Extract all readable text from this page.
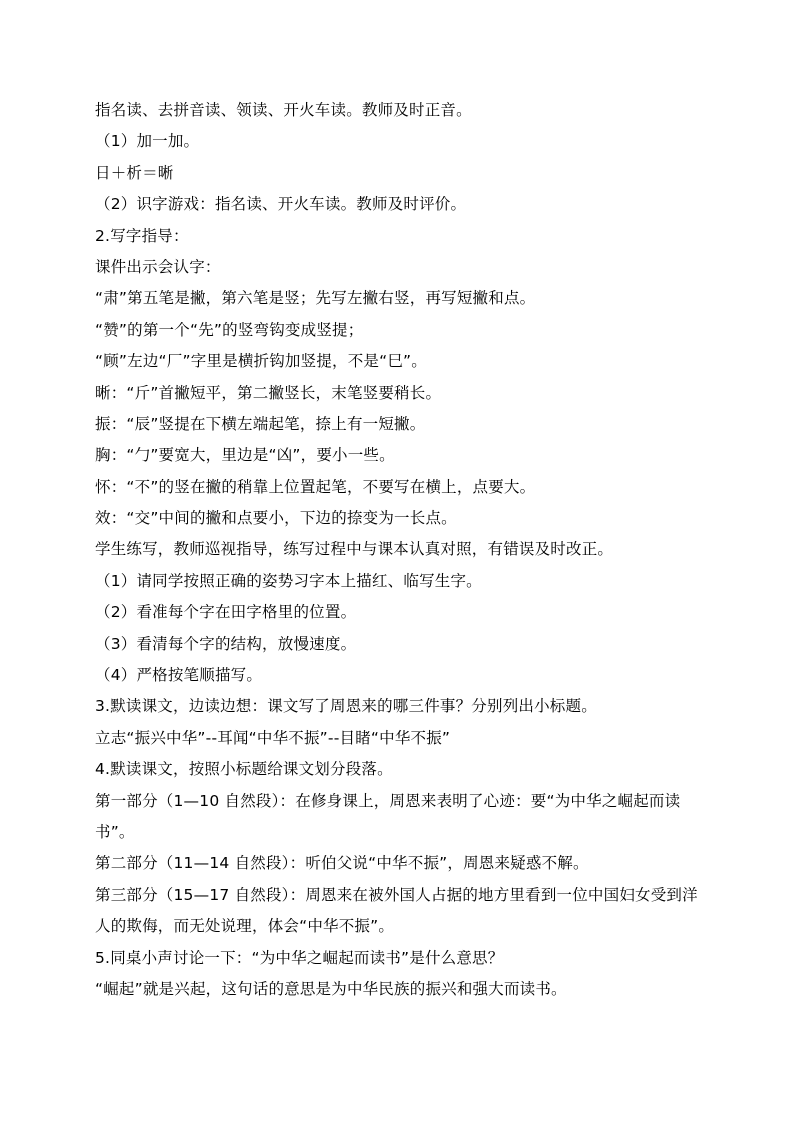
指名读、去拼音读、领读、开火车读。教师及时正音。
（1）加一加。
日＋析＝晰
（2）识字游戏：指名读、开火车读。教师及时评价。
2.写字指导：
课件出示会认字：
“肃”第五笔是撇，第六笔是竖；先写左撇右竖，再写短撇和点。
“赞”的第一个“先”的竖弯钩变成竖提；
“顾”左边“厂”字里是横折钩加竖提，不是“巳”。
晰：“斤”首撇短平，第二撇竖长，末笔竖要稍长。
振：“辰”竖提在下横左端起笔，捺上有一短撇。
胸：“勹”要宽大，里边是“凶”，要小一些。
怀：“不”的竖在撇的稍靠上位置起笔，不要写在横上，点要大。
效：“交”中间的撇和点要小，下边的捺变为一长点。
学生练写，教师巡视指导，练写过程中与课本认真对照，有错误及时改正。
（1）请同学按照正确的姿势习字本上描红、临写生字。
（2）看准每个字在田字格里的位置。
（3）看清每个字的结构，放慢速度。
（4）严格按笔顺描写。
3.默读课文，边读边想：课文写了周恩来的哪三件事？分别列出小标题。
立志“振兴中华”--耳闻“中华不振”--目睹“中华不振”
4.默读课文，按照小标题给课文划分段落。
第一部分（1—10 自然段）：在修身课上，周恩来表明了心迹：要“为中华之崛起而读
书”。
第二部分（11—14 自然段）：听伯父说“中华不振”，周恩来疑惑不解。
第三部分（15—17 自然段）：周恩来在被外国人占据的地方里看到一位中国妇女受到洋
人的欺侮，而无处说理，体会“中华不振”。
5.同桌小声讨论一下：“为中华之崛起而读书”是什么意思？
“崛起”就是兴起，这句话的意思是为中华民族的振兴和强大而读书。
